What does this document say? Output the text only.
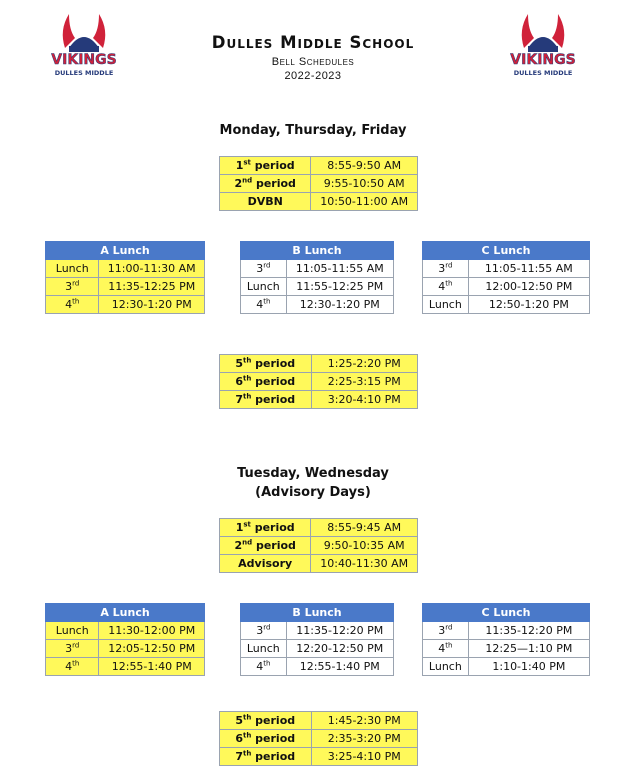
VIKINGS
DULLES MIDDLE
VIKINGS
DULLES MIDDLE
Dulles Middle School
Bell Schedules
2022-2023
Monday, Thursday, Friday
1st period	8:55-9:50 AM
2nd period	9:55-10:50 AM
DVBN	10:50-11:00 AM
A Lunch	
Lunch	11:00-11:30 AM
3rd	11:35-12:25 PM
4th	12:30-1:20 PM
B Lunch	
3rd	11:05-11:55 AM
Lunch	11:55-12:25 PM
4th	12:30-1:20 PM
C Lunch	
3rd	11:05-11:55 AM
4th	12:00-12:50 PM
Lunch	12:50-1:20 PM
5th period	1:25-2:20 PM
6th period	2:25-3:15 PM
7th period	3:20-4:10 PM
Tuesday, Wednesday
(Advisory Days)
1st period	8:55-9:45 AM
2nd period	9:50-10:35 AM
Advisory	10:40-11:30 AM
A Lunch	
Lunch	11:30-12:00 PM
3rd	12:05-12:50 PM
4th	12:55-1:40 PM
B Lunch	
3rd	11:35-12:20 PM
Lunch	12:20-12:50 PM
4th	12:55-1:40 PM
C Lunch	
3rd	11:35-12:20 PM
4th	12:25—1:10 PM
Lunch	1:10-1:40 PM
5th period	1:45-2:30 PM
6th period	2:35-3:20 PM
7th period	3:25-4:10 PM
